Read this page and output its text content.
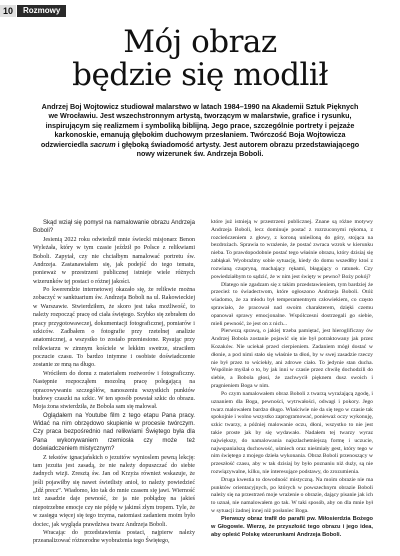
10	Rozmowy
Mój obraz
będzie się modlił
Andrzej Boj Wojtowicz studiował malarstwo w latach 1984–1990 na Akademii Sztuk Pięknych we Wrocławiu. Jest wszechstronnym artystą, tworzącym w malarstwie, grafice i rysunku, inspirującym się realizmem i symboliką biblijną. Jego prace, szczególnie portrety i pejzaże karkonoskie, emanują głębokim duchowym przesłaniem. Twórczość Boja Wojtowicza odzwierciedla sacrum i głęboką świadomość artysty. Jest autorem obrazu przedstawiającego nowy wizerunek św. Andrzeja Boboli.

Skąd wziął się pomysł na namalowanie obrazu Andrzeja Boboli?

Jesienią 2022 roku odwiedził mnie świecki misjonarz Benon Wyleżała, który w tym czasie jeździł po Polsce z relikwiami Boboli. Zapytał, czy nie chciałbym namalować portretu św. Andrzeja. Zastanawiałem się, jak podejść do tego tematu, ponieważ w przestrzeni publicznej istnieje wiele różnych wizerunków tej postaci o różnej jakości.

Po kwerendzie internetowej okazało się, że relikwie można zobaczyć w sanktuarium św. Andrzeja Boboli na ul. Rakowieckiej w Warszawie. Stwierdziłem, że skoro jest taka możliwość, to należy rozpocząć pracę od ciała świętego. Szybko się zebrałem do pracy przygotowawczej, dokumentacji fotograficznej, pomiarów i szkiców. Zadbałem o fotografie przy rzetelnej analizie anatomicznej, a wszystko to zostało przeniesione. Rysując przy relikwiarzu w zimnym kościele w lekkim swetrze, straciłem poczucie czasu. To bardzo intymne i osobiste doświadczenie zostanie ze mną na długo.

Wróciłem do domu z materiałem roztworów i fotograficzny. Następnie rozpocząłem mozolną pracę polegającą na opracowywaniu szczegółów, nanoszeniu wszystkich punktów budowy czaszki na szkic. W ten sposób powstał szkic do obrazu. Moja żona stwierdziła, że Bobola sam się malował.

Oglądałem na Youtube film z tego etapu Pana pracy. Widać na nim obrzędowo skupienie w procesie twórczym. Czy praca bezpośrednio nad relikwiami Świętego była dla Pana wykonywaniem rzemiosła czy może też doświadczeniem mistycznym?

Z tekstów ignacjańskich o jezuitów wynioslem pewną lekcję: tam jezuita jest zasadą, że nie należy dopuszczać do siebie żadnych wizji. Zresztą św. Jan od Krzyża również wskazuje, że jeśli pojawiłby się nawet świetlisty anioł, to należy powiedzieć „Idź precz”. Wiadomo, kto tak do mnie czasem się jawi. Wierność też zasadzie daje pewność, że ja nie pobłądzę na jakieś niepotrzebne emocje czy nie pójdę w jakimś złym tropem. Tyle, że w zasięgu więcej się tego trzyma, natomiast zadaniem moim było dociec, jak wygląda prawdziwa twarz Andrzeja Boboli.

Wracając do przedstawienia postaci, najpierw należy przeanalizować różnorodne wyobrażenia tego Świętego,

które już istnieją w przestrzeni publicznej. Znane są różne motywy Andrzeja Boboli, lecz dominuje postać z rozrzuconymi rękoma, z rozcieńczeniem z głowy, z koroną unieśloną do góry, stojąca na bezdrożach. Sprawia to wrażenie, że postać zwraca wzrok w kierunku nieba. To prawdopodobnie postać tego właśnie obrazu, który dzisiaj się zabłąkał. Wyobraźmy sobie sytuację, kiedy do domu wszedłby ktoś z rozwianą czupryną, machający rękami, błagający o ratunek. Czy powiedziałbym to sądzić, że w nim jest święty w pewno? Boży pokój?

Dlatego nie zgadzam się z takim przedstawieniem, tym bardziej że przecież to świadectwom, które ogłoszono Andrzeja Boboli. Otóż wiadomo, że za młodu był temperamentnym człowiekiem, co często sprawiało, że pracował nad swoim charakterem, dzięki czemu opanował sprawy emocjonalne. Wspólczesni dostrzegali go siebie, mieli pewność, że jest on z nich...

Pierwszą sprawą, o jakiej trzeba pamiętać, jest hieroglificzny ów Andrzej Bobola zostanie pojawić się nie był potraktowany jak przez Kozaków. Nie uciekał przed cierpieniem. Zadaniem mógł dostać w dłonie, a pod nimi stało się właśnie ta dłoń, by w swej zasadzie rzeczy nie był przez to wściekły, ani zdrowe ciało. To jedynie stan ducha. Wspólnie myślał o to, by jak inni w czasie przez chwilę dochodzili do siebie, a Bobola głosi, że zachwycił pięknem dusz swoich i pragnieniem Boga w nim.

Po czym namalowałem obraz Boboli z twarzą wyrażającą zgodę, i uznaniem dla Boga, pewności, wytrwałości, odwagi i pokory. Jego twarz malowałem bardzo długo. Właściwie nie da się tego w czasie tak spokojnie i wolno wszystko zaprogramować, ponieważ oczy wykonuję, szkic twarzy, a później malowanie oczu, dłoni, wszystko to nie jest takie proste jak by się wydawało. Nadałem tej twarzy wyraz największy, do namalowania najszlachetniejszą formę i uczucie, najwspanialszą duchowość, uśmiech oraz nieśmiały gest, który tego w nim świętego z mojego dzieła wykonania. Obraz Boboli przenoszący w przeszłość czasu, aby w tak dzisiaj by było poznaniu niż duży, są nie rozwiązywalne, kilku, nie interesujące podstawy, do zrozumienia.

Druga kwestia to dowodność mistyczną. Na moim obrazie nie ma punktów orientacyjnych, po których w powszechnym obrazie Boboli należy się na przestrzeń moje wrażenie o obrazie, dający pisanie jak ich to uznał, nie namalowałem go tak. W taki sposób, aby on dla mnie był w sytuacji żadnej innej niż posłaniec Boga.

Pierwszy obraz trafił do parafii pw. Miłosierdzia Bożego w Głogowie. Wierzę, że przyszłość tego obrazu i jego idea, aby opleść Polskę wizerunkami Andrzeja Boboli.
